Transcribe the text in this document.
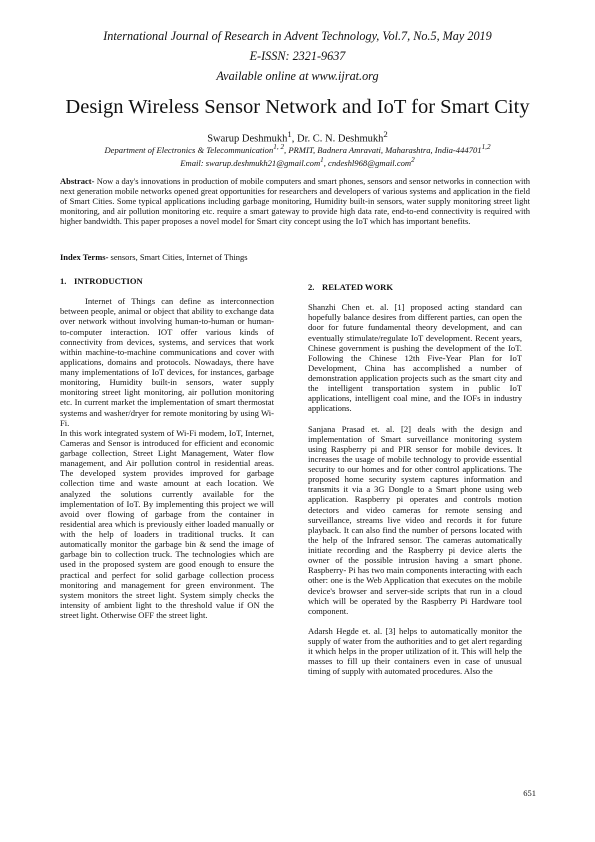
International Journal of Research in Advent Technology, Vol.7, No.5, May 2019
E-ISSN: 2321-9637
Available online at www.ijrat.org
Design Wireless Sensor Network and IoT for Smart City
Swarup Deshmukh$^1$, Dr. C. N. Deshmukh$^2$
Department of Electronics & Telecommunication$^{1, 2}$, PRMIT, Badnera Amravati, Maharashtra, India-444701$^{1,2}$
Email: swarup.deshmukh21@gmail.com$^1$, cndeshl968@gmail.com$^2$

Abstract- Now a day's innovations in production of mobile computers and smart phones, sensors and sensor networks in connection with next generation mobile networks opened great opportunities for researchers and developers of various systems and application in the field of Smart Cities. Some typical applications including garbage monitoring, Humidity built-in sensors, water supply monitoring street light monitoring, and air pollution monitoring etc. require a smart gateway to provide high data rate, end-to-end connectivity is required with higher bandwidth. This paper proposes a novel model for Smart city concept using the IoT which has important benefits.

Index Terms- sensors, Smart Cities, Internet of Things

1. INTRODUCTION

Internet of Things can define as interconnection between people, animal or object that ability to exchange data over network without involving human-to-human or human-to-computer interaction. IOT offer various kinds of connectivity from devices, systems, and services that work within machine-to-machine communications and cover with applications, domains and protocols. Nowadays, there have many implementations of IoT devices, for instances, garbage monitoring, Humidity built-in sensors, water supply monitoring street light monitoring, air pollution monitoring etc. In current market the implementation of smart thermostat systems and washer/dryer for remote monitoring by using Wi-Fi.

In this work integrated system of Wi-Fi modem, IoT, Internet, Cameras and Sensor is introduced for efficient and economic garbage collection, Street Light Management, Water flow management, and Air pollution control in residential areas. The developed system provides improved for garbage collection time and waste amount at each location. We analyzed the solutions currently available for the implementation of IoT. By implementing this project we will avoid over flowing of garbage from the container in residential area which is previously either loaded manually or with the help of loaders in traditional trucks. It can automatically monitor the garbage bin & send the image of garbage bin to collection truck. The technologies which are used in the proposed system are good enough to ensure the practical and perfect for solid garbage collection process monitoring and management for green environment. The system monitors the street light. System simply checks the intensity of ambient light to the threshold value if ON the street light. Otherwise OFF the street light.

2. RELATED WORK

Shanzhi Chen et. al. [1] proposed acting standard can hopefully balance desires from different parties, can open the door for future fundamental theory development, and can eventually stimulate/regulate IoT development. Recent years, Chinese government is pushing the development of the IoT. Following the Chinese 12th Five-Year Plan for IoT Development, China has accomplished a number of demonstration application projects such as the smart city and the intelligent transportation system in public IoT applications, intelligent coal mine, and the IOFs in industry applications.

Sanjana Prasad et. al. [2] deals with the design and implementation of Smart surveillance monitoring system using Raspberry pi and PIR sensor for mobile devices. It increases the usage of mobile technology to provide essential security to our homes and for other control applications. The proposed home security system captures information and transmits it via a 3G Dongle to a Smart phone using web application. Raspberry pi operates and controls motion detectors and video cameras for remote sensing and surveillance, streams live video and records it for future playback. It can also find the number of persons located with the help of the Infrared sensor. The cameras automatically initiate recording and the Raspberry pi device alerts the owner of the possible intrusion having a smart phone. Raspberry- Pi has two main components interacting with each other: one is the Web Application that executes on the mobile device's browser and server-side scripts that run in a cloud which will be operated by the Raspberry Pi Hardware tool component.

Adarsh Hegde et. al. [3] helps to automatically monitor the supply of water from the authorities and to get alert regarding it which helps in the proper utilization of it. This will help the masses to fill up their containers even in case of unusual timing of supply with automated procedures. Also the

651
